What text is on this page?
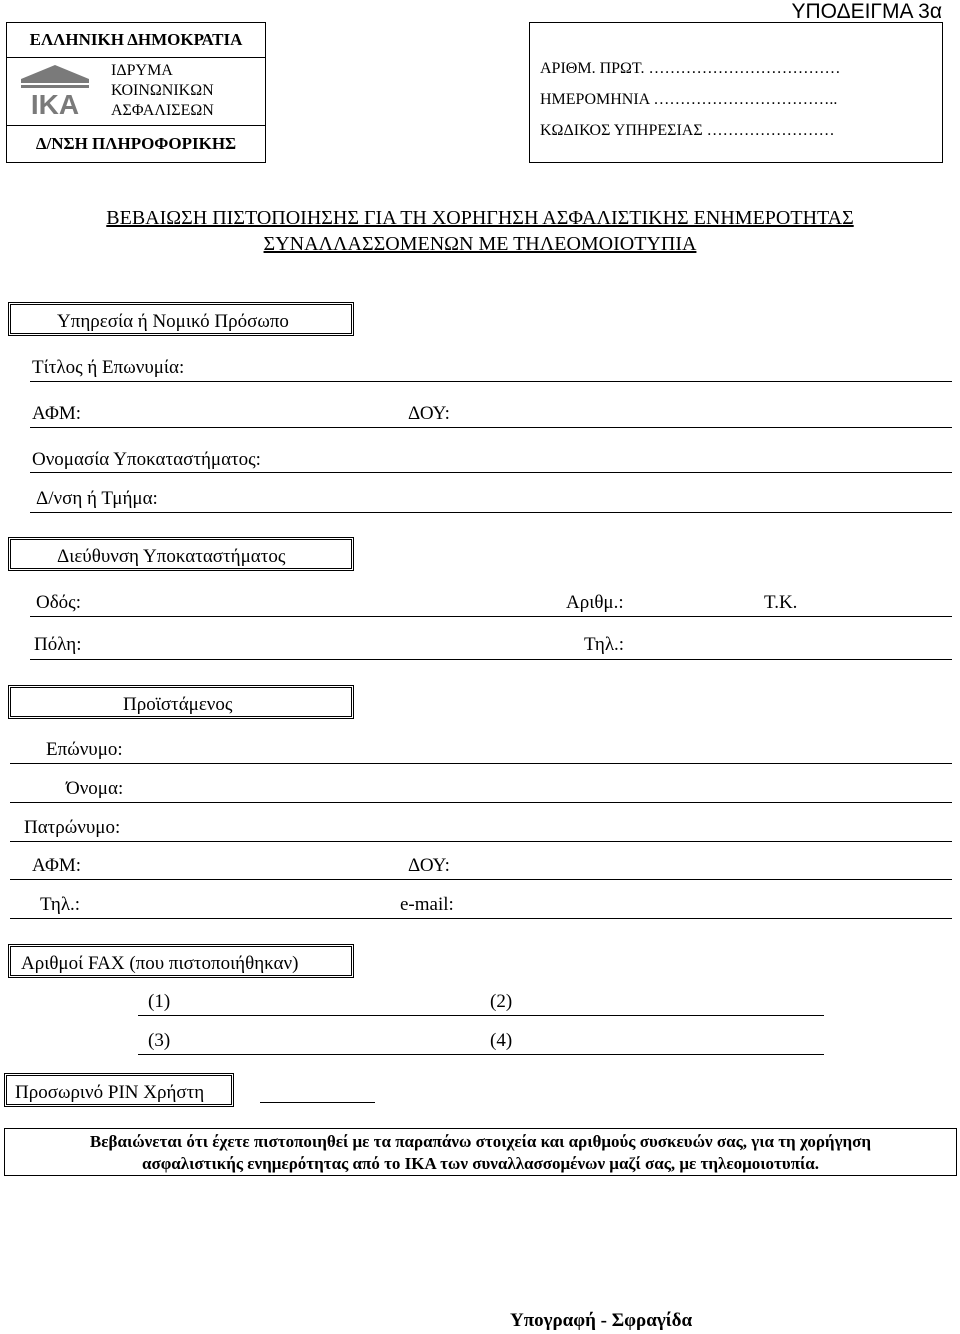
ΕΛΛΗΝΙΚΗ ΔΗΜΟΚΡΑΤΙΑ
IKA
ΙΔΡΥΜΑ
ΚΟΙΝΩΝΙΚΩΝ
ΑΣΦΑΛΙΣΕΩΝ
Δ/ΝΣΗ ΠΛΗΡΟΦΟΡΙΚΗΣ
ΥΠΟΔΕΙΓΜΑ 3α
ΑΡΙΘΜ. ΠΡΩΤ. ………………………………
ΗΜΕΡΟΜΗΝΙΑ ……………………………..
ΚΩΔΙΚΟΣ ΥΠΗΡΕΣΙΑΣ ……………………
ΒΕΒΑΙΩΣΗ ΠΙΣΤΟΠΟΙΗΣΗΣ ΓΙΑ ΤΗ ΧΟΡΗΓΗΣΗ ΑΣΦΑΛΙΣΤΙΚΗΣ ΕΝΗΜΕΡΟΤΗΤΑΣ
ΣΥΝΑΛΛΑΣΣΟΜΕΝΩΝ ΜΕ ΤΗΛΕΟΜΟΙΟΤΥΠΙΑ
Υπηρεσία ή Νομικό Πρόσωπο
Τίτλος ή Επωνυμία:
ΑΦΜ:	ΔΟΥ:
Ονομασία Υποκαταστήματος:
Δ/νση ή Τμήμα:
Διεύθυνση Υποκαταστήματος
Οδός:	Αριθμ.:	Τ.Κ.
Πόλη:	Τηλ.:
Προϊστάμενος
Επώνυμο:
Όνομα:
Πατρώνυμο:
ΑΦΜ:	ΔΟΥ:
Τηλ.:	e-mail:
Αριθμοί FAX (που πιστοποιήθηκαν)
(1)	(2)
(3)	(4)
Προσωρινό PIN Χρήστη
Βεβαιώνεται ότι έχετε πιστοποιηθεί με τα παραπάνω στοιχεία και αριθμούς συσκευών σας, για τη χορήγηση
ασφαλιστικής ενημερότητας από το ΙΚΑ των συναλλασσομένων μαζί σας, με τηλεομοιοτυπία.
Υπογραφή - Σφραγίδα
